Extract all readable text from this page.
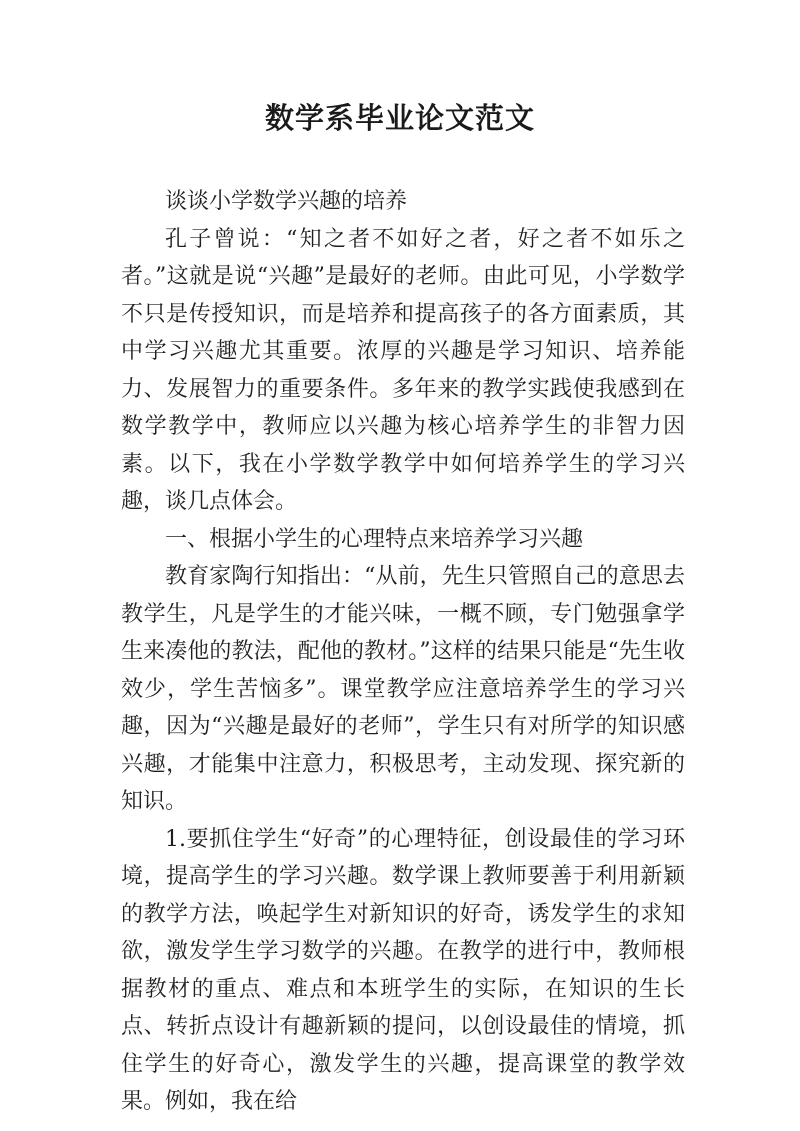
数学系毕业论文范文

谈谈小学数学兴趣的培养

孔子曾说：“知之者不如好之者，好之者不如乐之者。”这就是说“兴趣”是最好的老师。由此可见，小学数学不只是传授知识，而是培养和提高孩子的各方面素质，其中学习兴趣尤其重要。浓厚的兴趣是学习知识、培养能力、发展智力的重要条件。多年来的教学实践使我感到在数学教学中，教师应以兴趣为核心培养学生的非智力因素。以下，我在小学数学教学中如何培养学生的学习兴趣，谈几点体会。

一、根据小学生的心理特点来培养学习兴趣

教育家陶行知指出：“从前，先生只管照自己的意思去教学生，凡是学生的才能兴味，一概不顾，专门勉强拿学生来凑他的教法，配他的教材。”这样的结果只能是“先生收效少，学生苦恼多”。课堂教学应注意培养学生的学习兴趣，因为“兴趣是最好的老师”，学生只有对所学的知识感兴趣，才能集中注意力，积极思考，主动发现、探究新的知识。

1.要抓住学生“好奇”的心理特征，创设最佳的学习环境，提高学生的学习兴趣。数学课上教师要善于利用新颖的教学方法，唤起学生对新知识的好奇，诱发学生的求知欲，激发学生学习数学的兴趣。在教学的进行中，教师根据教材的重点、难点和本班学生的实际，在知识的生长点、转折点设计有趣新颖的提问，以创设最佳的情境，抓住学生的好奇心，激发学生的兴趣，提高课堂的教学效果。例如，我在给
